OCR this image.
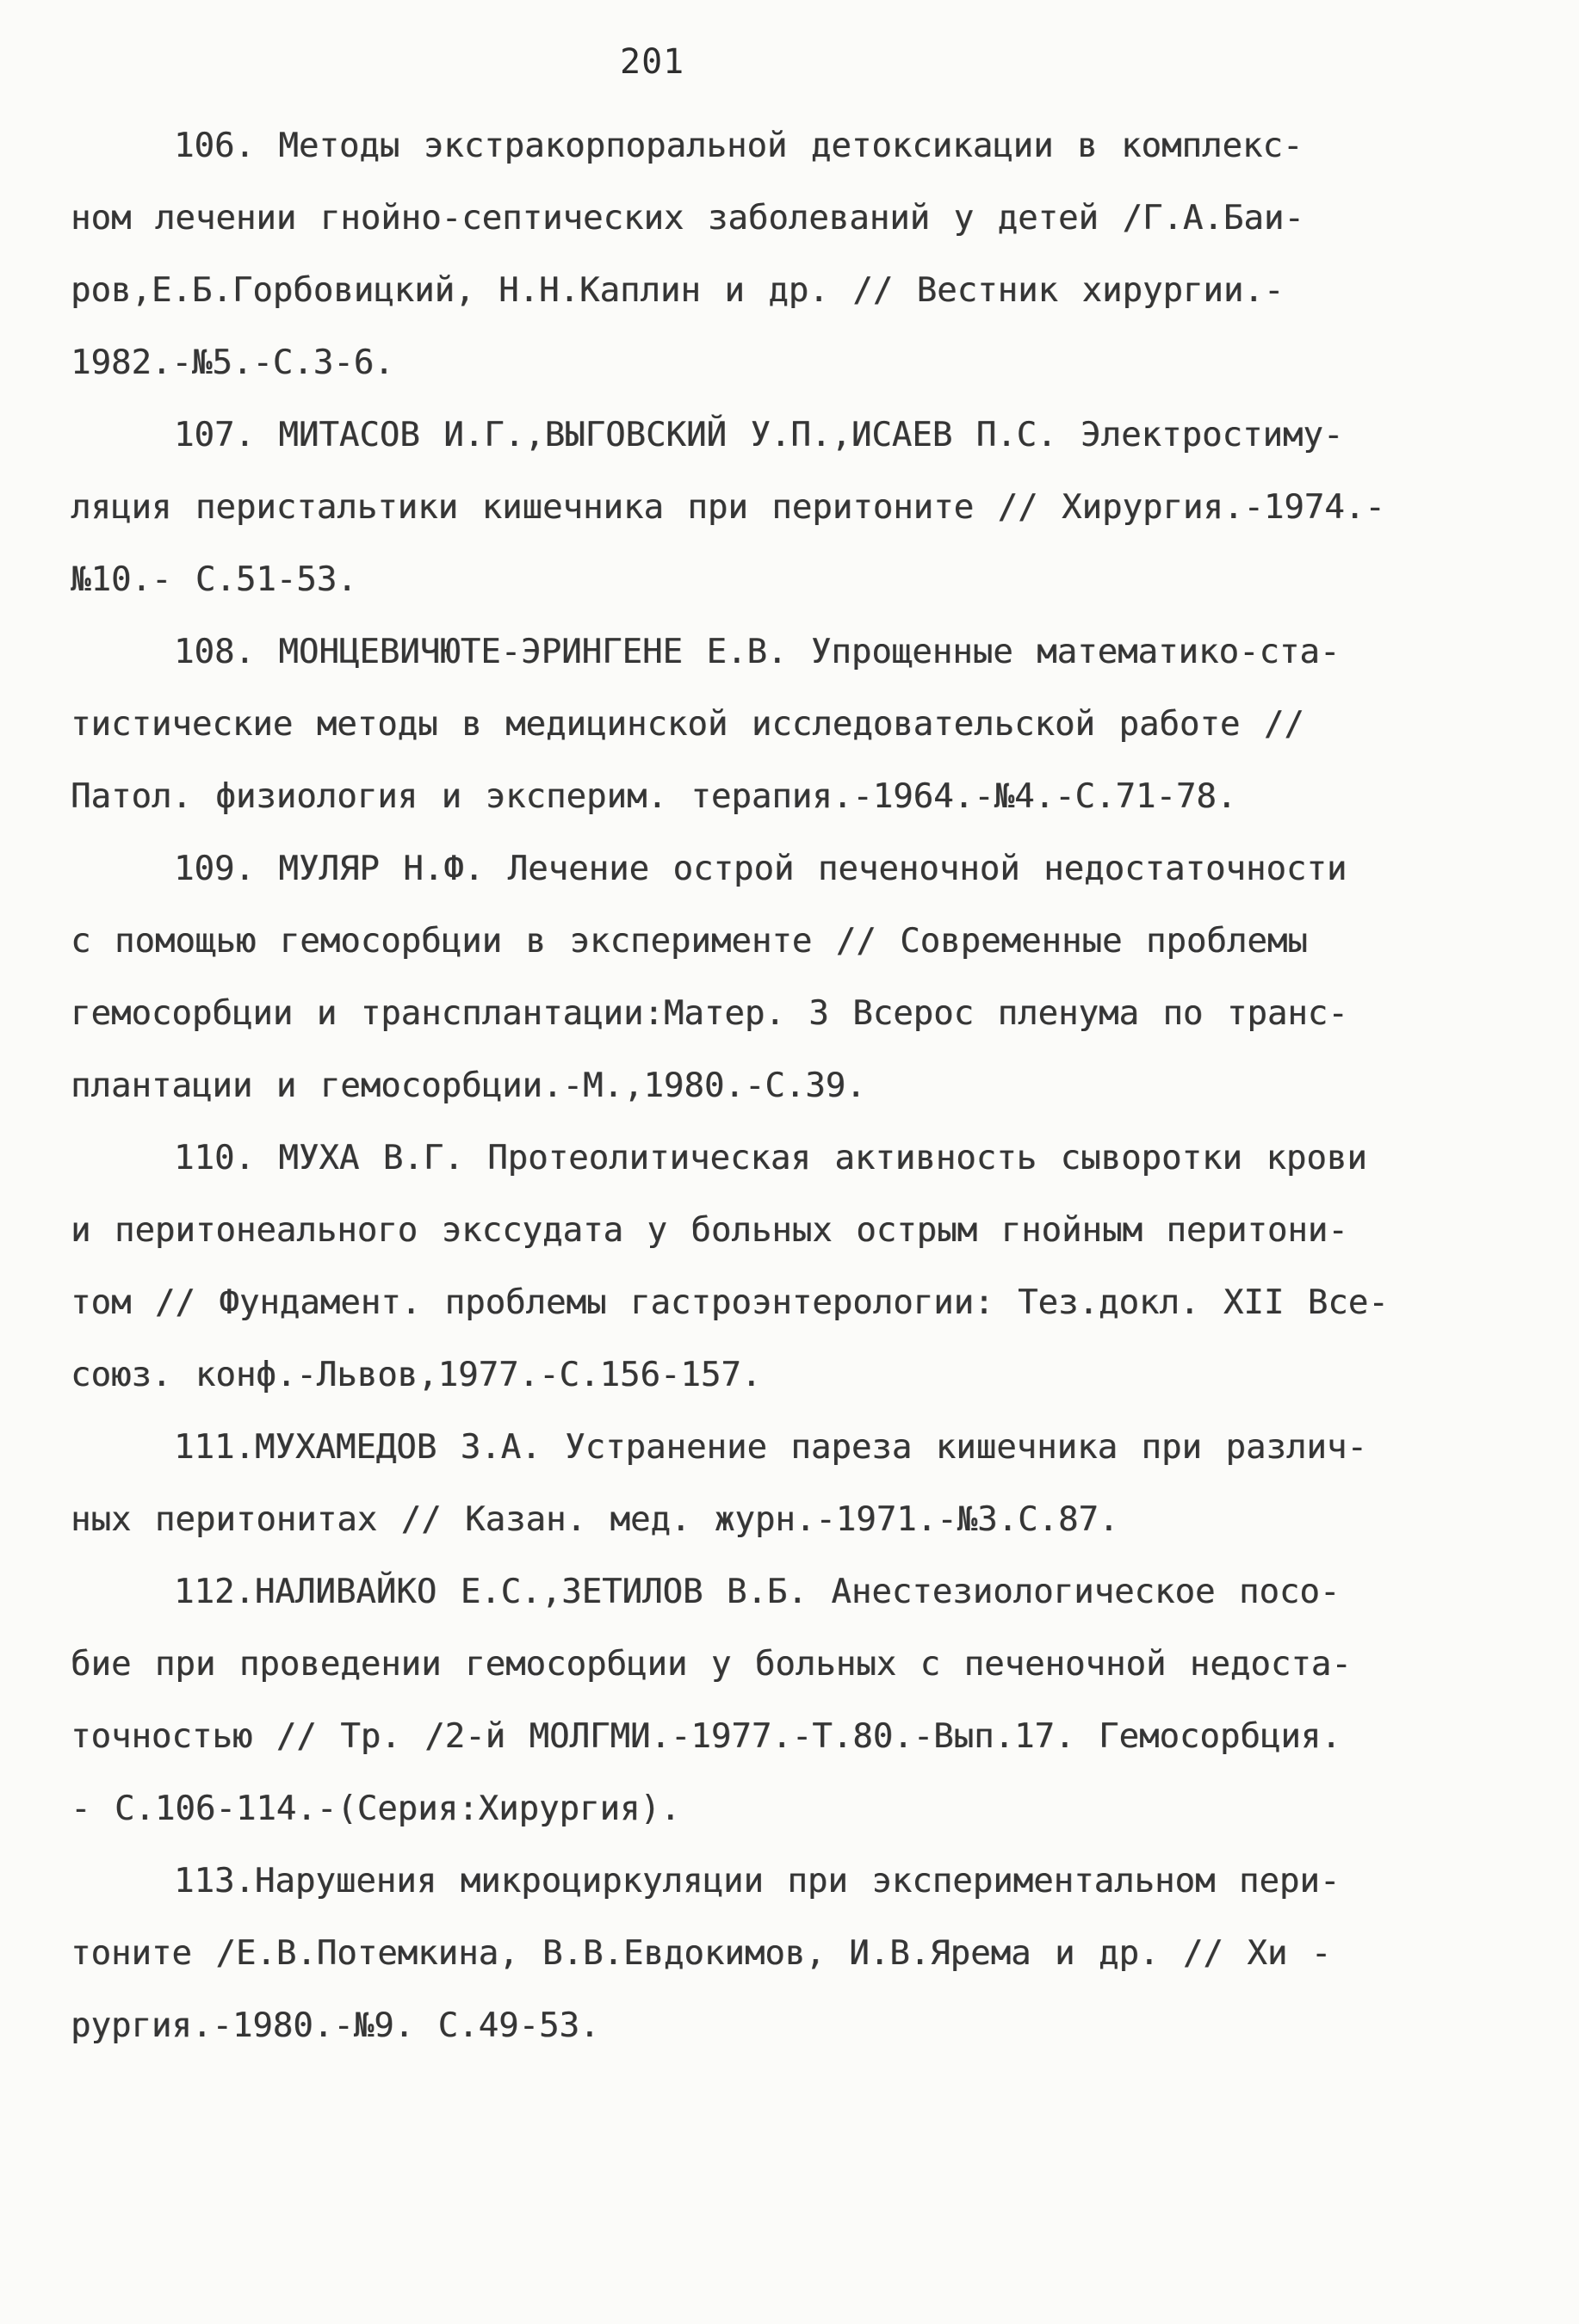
201

106. Методы экстракорпоральной детоксикации в комплекс-
ном лечении гнойно-септических заболеваний у детей /Г.А.Баи-
ров,Е.Б.Горбовицкий, Н.Н.Каплин и др. // Вестник хирургии.-
1982.-№5.-С.3-6.

107. МИТАСОВ И.Г.,ВЫГОВСКИЙ У.П.,ИСАЕВ П.С. Электростиму-
ляция перистальтики кишечника при перитоните // Хирургия.-1974.-
№10.- С.51-53.

108. МОНЦЕВИЧЮТЕ-ЭРИНГЕНЕ Е.В. Упрощенные математико-ста-
тистические методы в медицинской исследовательской работе //
Патол. физиология и эксперим. терапия.-1964.-№4.-С.71-78.

109. МУЛЯР Н.Ф. Лечение острой печеночной недостаточности
с помощью гемосорбции в эксперименте // Современные проблемы
гемосорбции и трансплантации:Матер. 3 Всерос пленума по транс-
плантации и гемосорбции.-М.,1980.-С.39.

110. МУХА В.Г. Протеолитическая активность сыворотки крови
и перитонеального экссудата у больных острым гнойным перитони-
том // Фундамент. проблемы гастроэнтерологии: Тез.докл. XII Все-
союз. конф.-Львов,1977.-С.156-157.

111.МУХАМЕДОВ З.А. Устранение пареза кишечника при различ-
ных перитонитах // Казан. мед. журн.-1971.-№3.С.87.

112.НАЛИВАЙКО Е.С.,ЗЕТИЛОВ В.Б. Анестезиологическое посо-
бие при проведении гемосорбции у больных с печеночной недоста-
точностью // Тр. /2-й МОЛГМИ.-1977.-Т.80.-Вып.17. Гемосорбция.
- С.106-114.-(Серия:Хирургия).

113.Нарушения микроциркуляции при экспериментальном пери-
тоните /Е.В.Потемкина, В.В.Евдокимов, И.В.Ярема и др. // Хи -
рургия.-1980.-№9. С.49-53.
